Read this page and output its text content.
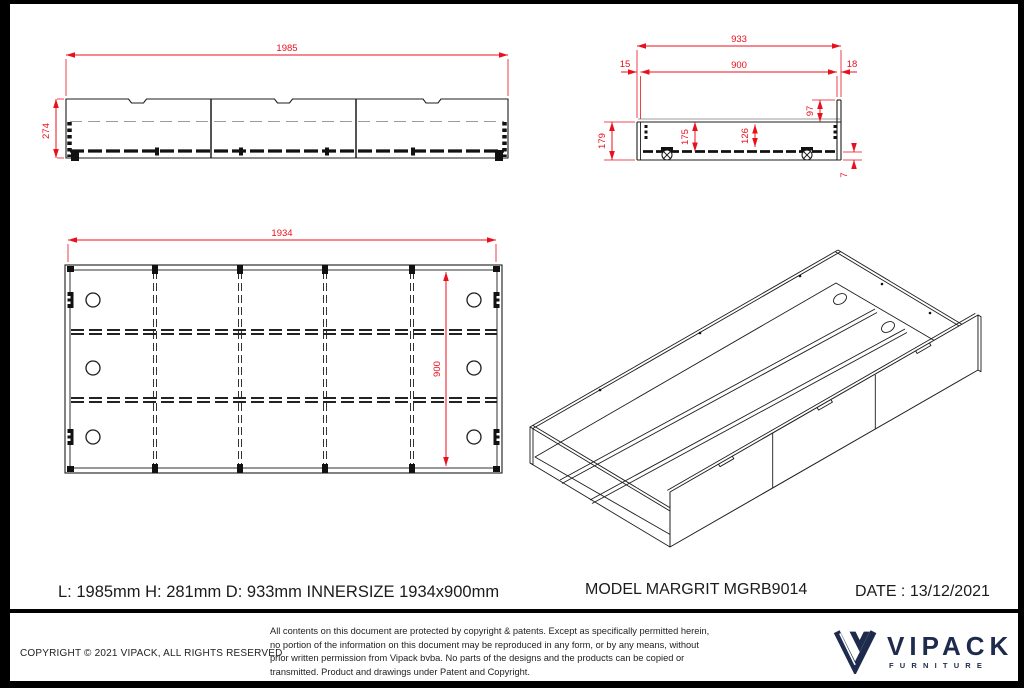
1985
274
933
900
15	18
97
179	175	126
7
1934
900
L: 1985mm H: 281mm D: 933mm INNERSIZE 1934x900mm	MODEL MARGRIT MGRB9014	DATE : 13/12/2021
COPYRIGHT © 2021 VIPACK, ALL RIGHTS RESERVED
All contents on this document are protected by copyright & patents. Except as specifically permitted herein,
no portion of the information on this document may be reproduced in any form, or by any means, without
prior written permission from Vipack bvba. No parts of the designs and the products can be copied or
transmitted. Product and drawings under Patent and Copyright.
VIPACK
FURNITURE
